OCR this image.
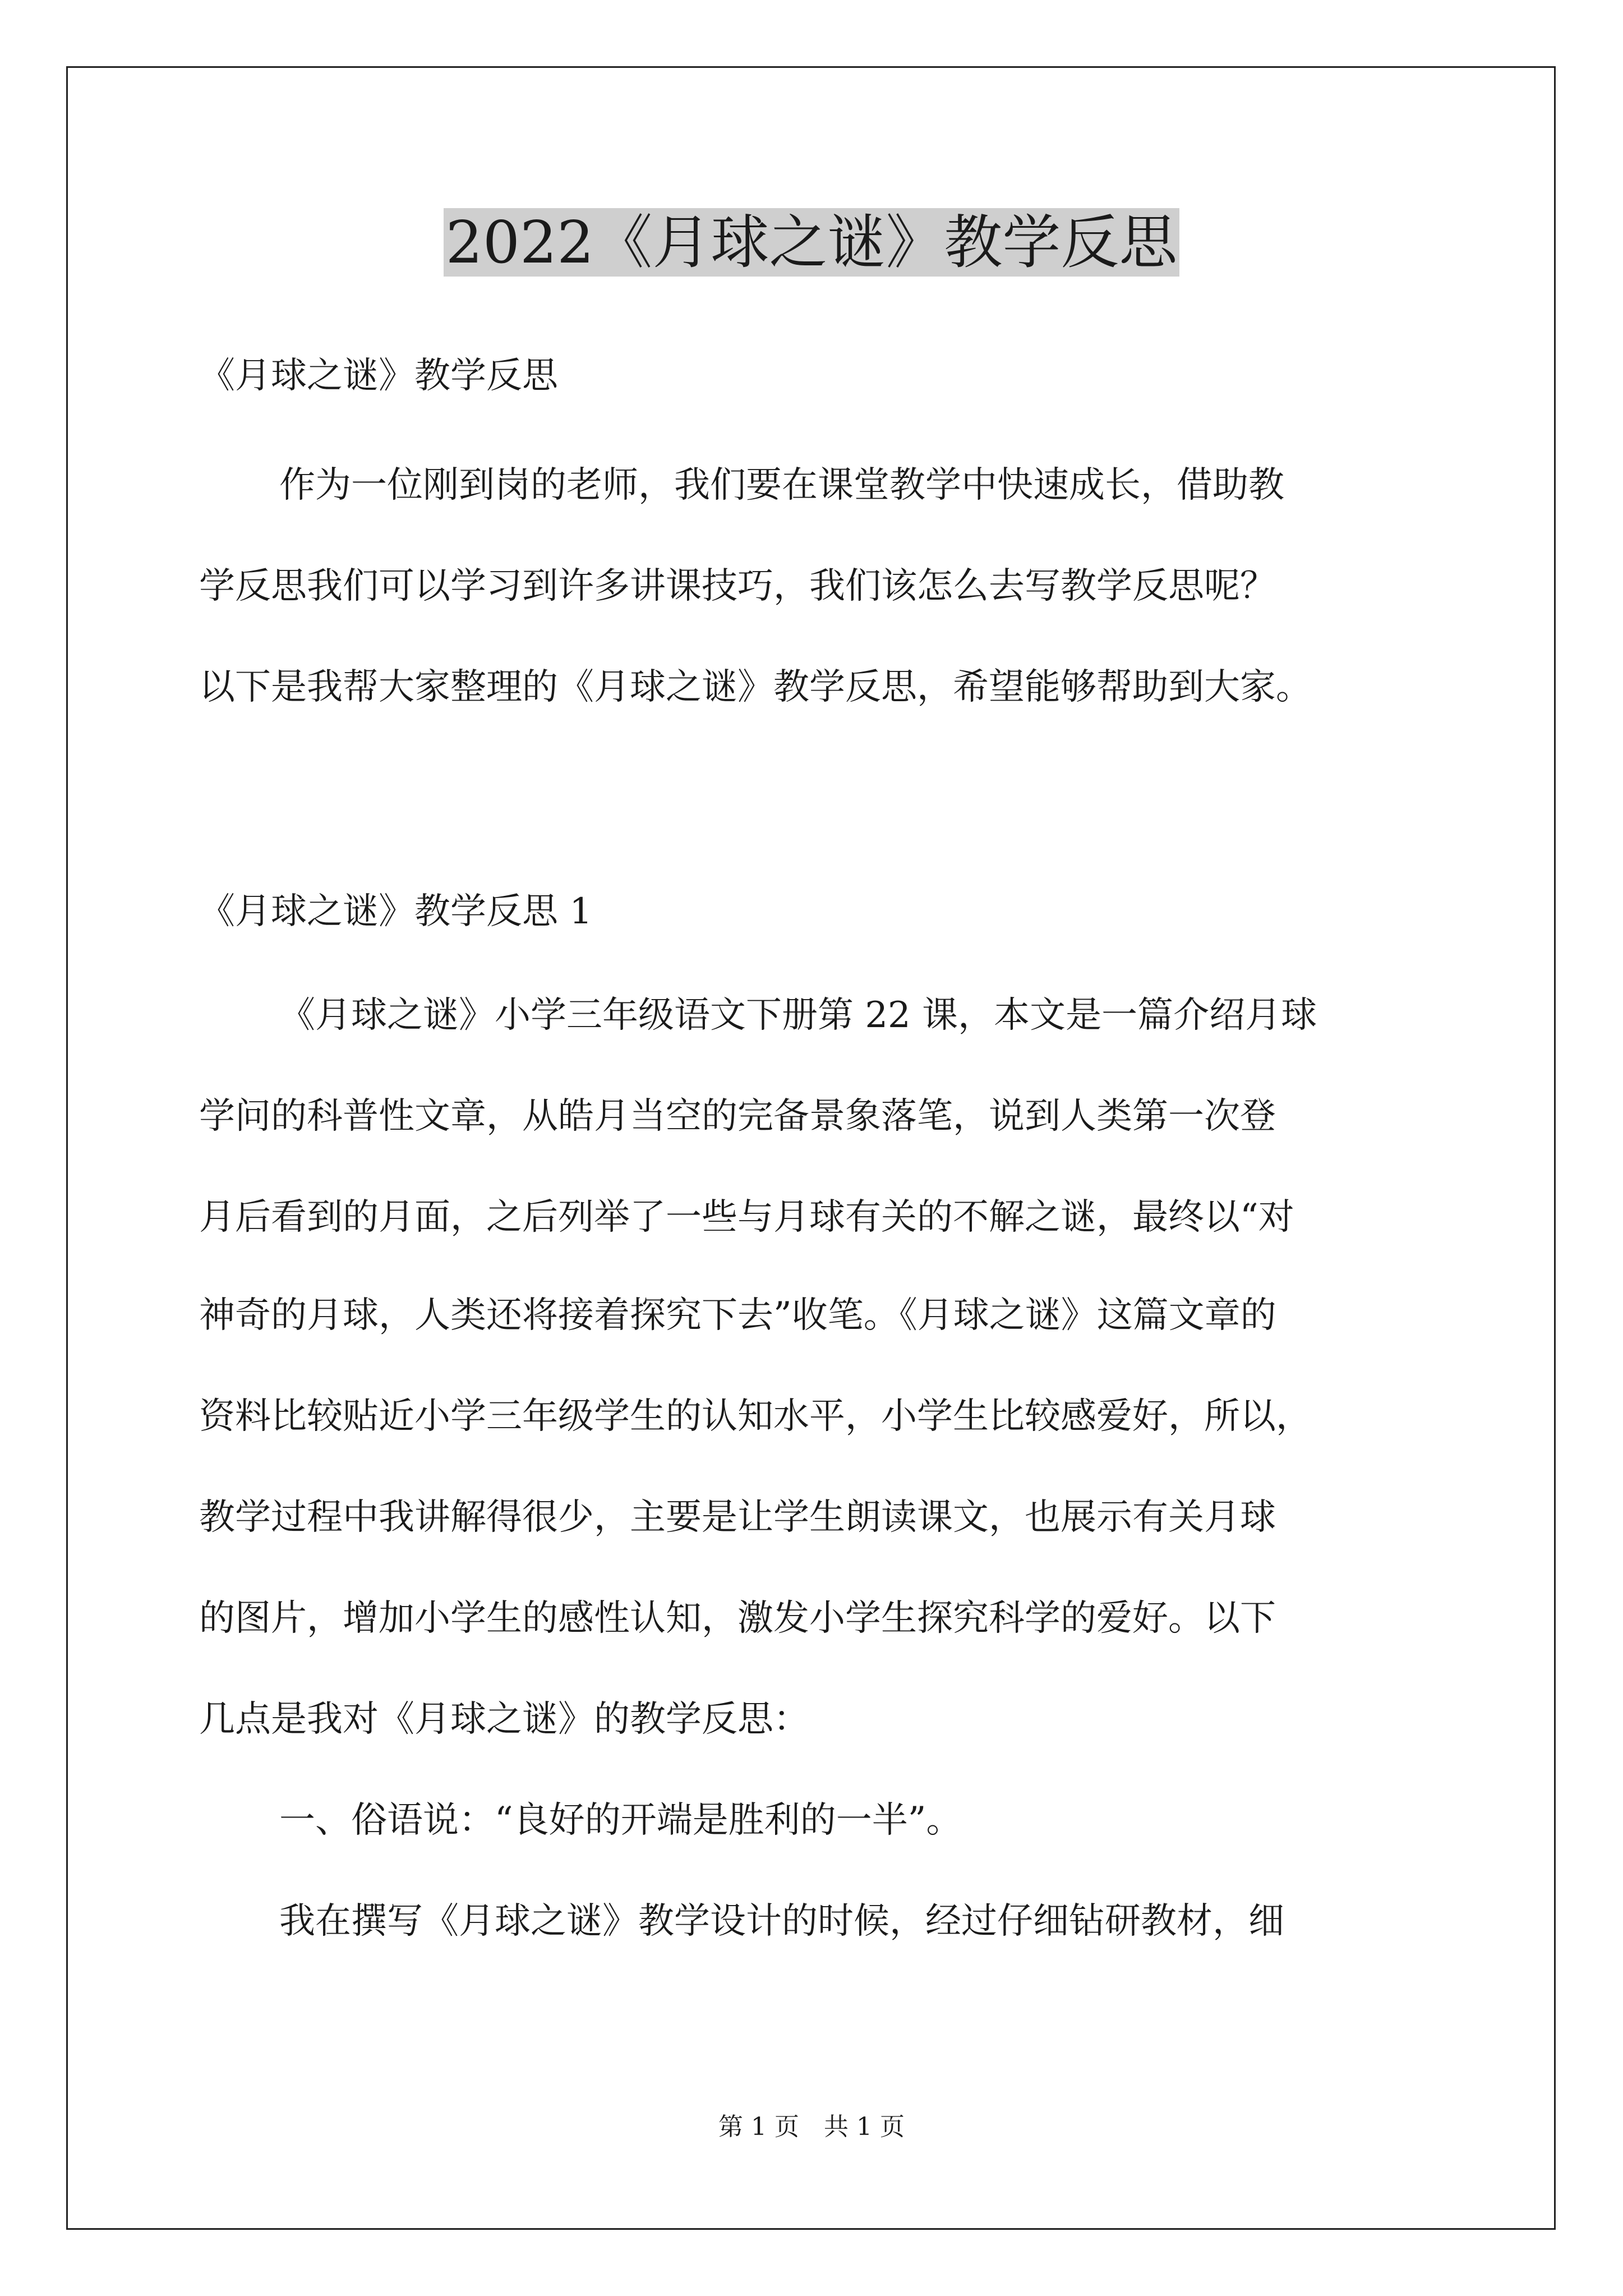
2022《月球之谜》教学反思
《月球之谜》教学反思
作为一位刚到岗的老师，我们要在课堂教学中快速成长，借助教
学反思我们可以学习到许多讲课技巧，我们该怎么去写教学反思呢？
以下是我帮大家整理的《月球之谜》教学反思，希望能够帮助到大家。
《月球之谜》教学反思 1
《月球之谜》小学三年级语文下册第 22 课，本文是一篇介绍月球
学问的科普性文章，从皓月当空的完备景象落笔，说到人类第一次登
月后看到的月面，之后列举了一些与月球有关的不解之谜，最终以“对
神奇的月球，人类还将接着探究下去”收笔。《月球之谜》这篇文章的
资料比较贴近小学三年级学生的认知水平，小学生比较感爱好，所以，
教学过程中我讲解得很少，主要是让学生朗读课文，也展示有关月球
的图片，增加小学生的感性认知，激发小学生探究科学的爱好。以下
几点是我对《月球之谜》的教学反思：
一、俗语说：“良好的开端是胜利的一半”。
我在撰写《月球之谜》教学设计的时候，经过仔细钻研教材，细
第 1 页　共 1 页
